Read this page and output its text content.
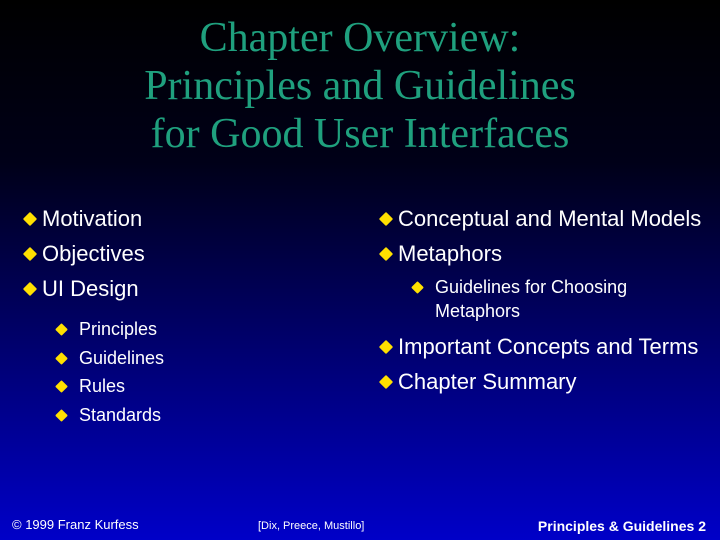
Chapter Overview:
Principles and Guidelines
for Good User Interfaces
Motivation
Objectives
UI Design
Principles
Guidelines
Rules
Standards
Conceptual and Mental Models
Metaphors
Guidelines for Choosing Metaphors
Important Concepts and Terms
Chapter Summary
© 1999 Franz Kurfess	[Dix, Preece, Mustillo]	Principles & Guidelines 2
